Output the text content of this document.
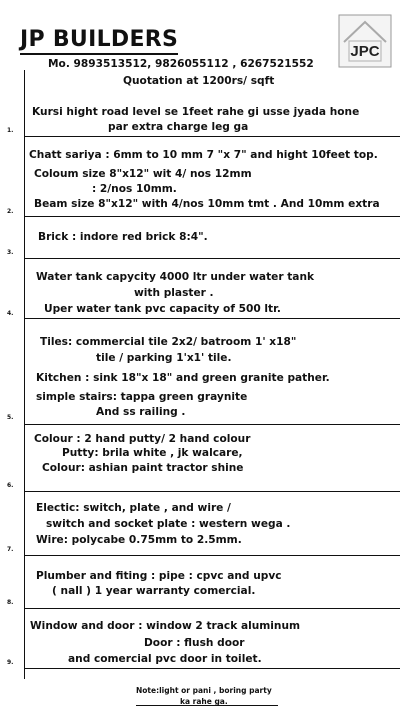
JP BUILDERS	JPC
Mo. 9893513512, 9826055112 , 6267521552
Quotation at 1200rs/ sqft
Kursi hight road level se 1feet rahe gi usse jyada hone
par extra charge leg ga
1.
Chatt sariya : 6mm to 10 mm 7 "x 7" and hight 10feet top.
Coloum size 8"x12" wit 4/ nos 12mm
: 2/nos 10mm.
Beam size 8"x12" with 4/nos 10mm tmt . And 10mm extra
2.
Brick : indore red brick 8:4".
3.
Water tank capycity 4000 ltr under water tank
with plaster .
Uper water tank pvc capacity of 500 ltr.
4.
Tiles: commercial tile 2x2/ batroom 1' x18"
tile / parking 1'x1' tile.
Kitchen : sink 18"x 18" and green granite pather.
simple stairs: tappa green graynite
And ss railing .
5.
Colour : 2 hand putty/ 2 hand colour
Putty: brila white , jk walcare,
Colour: ashian paint tractor shine
6.
Electic: switch, plate , and wire /
switch and socket plate : western wega .
Wire: polycabe 0.75mm to 2.5mm.
7.
Plumber and fiting : pipe : cpvc and upvc
( nall ) 1 year warranty comercial.
8.
Window and door : window 2 track aluminum
Door : flush door
and comercial pvc door in toilet.
9.
Note:light or pani , boring party
ka rahe ga.
